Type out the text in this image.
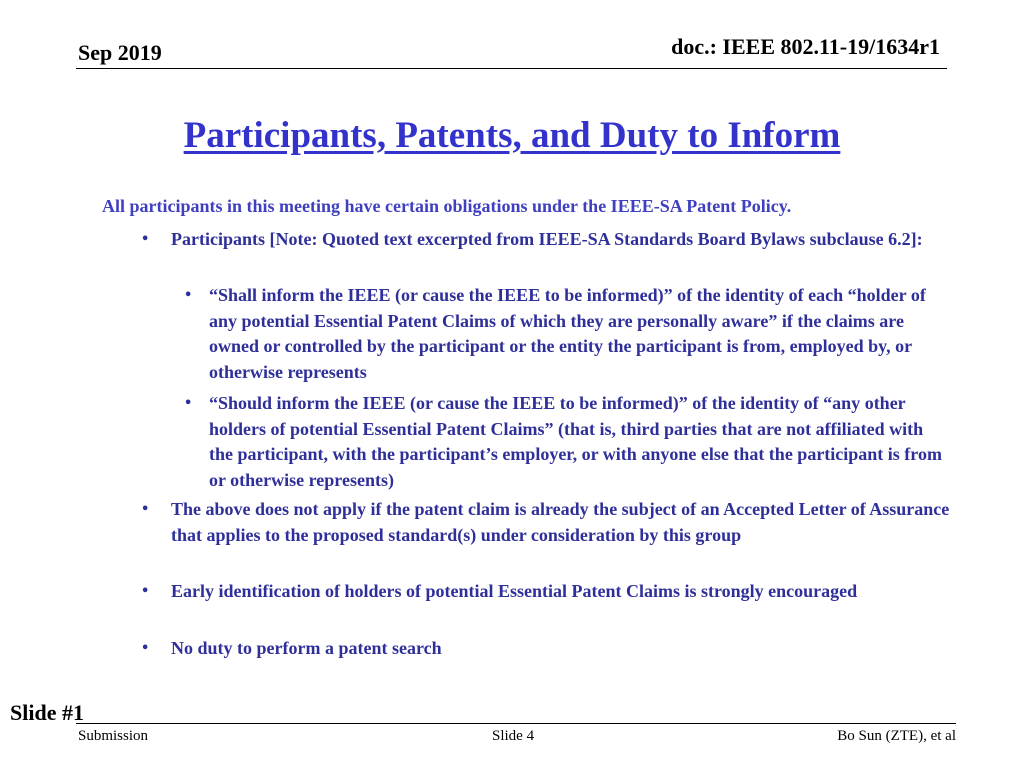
Sep 2019	doc.: IEEE 802.11-19/1634r1
Participants, Patents, and Duty to Inform
All participants in this meeting have certain obligations under the IEEE-SA Patent Policy.
• Participants [Note: Quoted text excerpted from IEEE-SA Standards Board Bylaws subclause 6.2]:
• “Shall inform the IEEE (or cause the IEEE to be informed)” of the identity of each “holder of any potential Essential Patent Claims of which they are personally aware” if the claims are owned or controlled by the participant or the entity the participant is from, employed by, or otherwise represents
• “Should inform the IEEE (or cause the IEEE to be informed)” of the identity of “any other holders of potential Essential Patent Claims” (that is, third parties that are not affiliated with the participant, with the participant’s employer, or with anyone else that the participant is from or otherwise represents)
• The above does not apply if the patent claim is already the subject of an Accepted Letter of Assurance that applies to the proposed standard(s) under consideration by this group
• Early identification of holders of potential Essential Patent Claims is strongly encouraged
• No duty to perform a patent search
Slide #1
Submission	Slide 4	Bo Sun (ZTE), et al
